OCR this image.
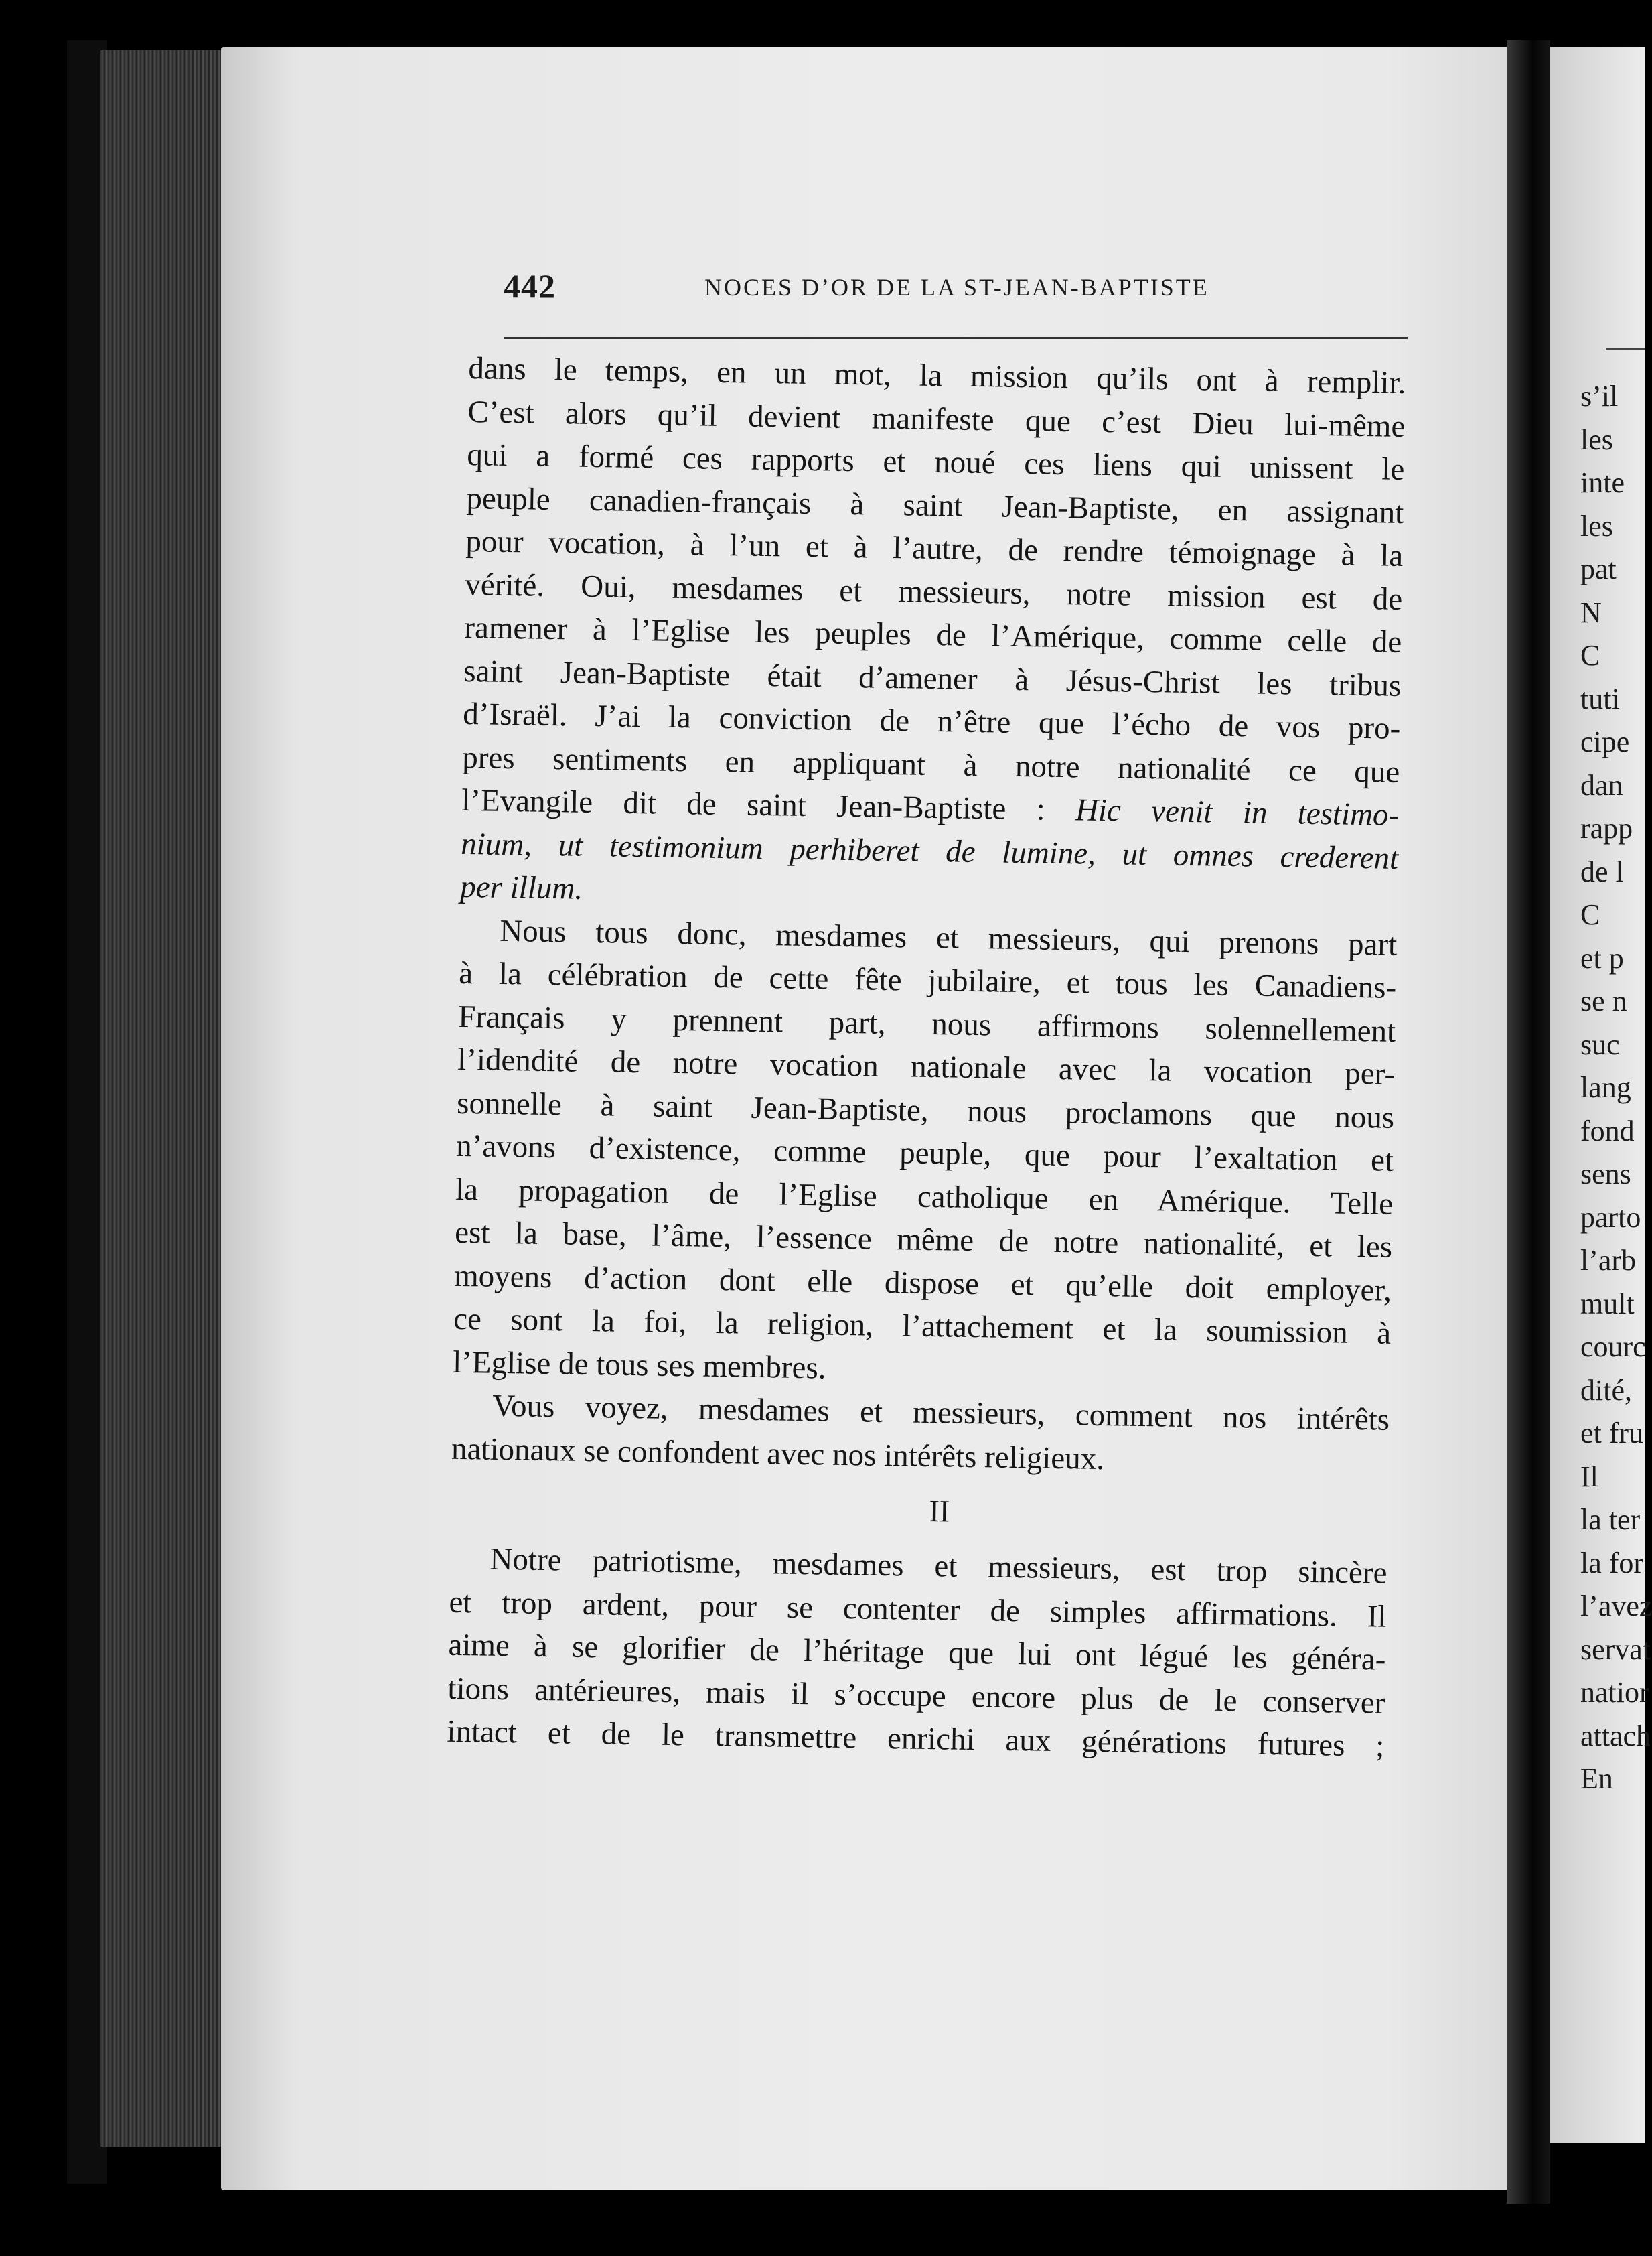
442	NOCES D’OR DE LA ST-JEAN-BAPTISTE
dans le temps, en un mot, la mission qu’ils ont à remplir.
C’est alors qu’il devient manifeste que c’est Dieu lui-même
qui a formé ces rapports et noué ces liens qui unissent le
peuple canadien-français à saint Jean-Baptiste, en assignant
pour vocation, à l’un et à l’autre, de rendre témoignage à la
vérité. Oui, mesdames et messieurs, notre mission est de
ramener à l’Eglise les peuples de l’Amérique, comme celle de
saint Jean-Baptiste était d’amener à Jésus-Christ les tribus
d’Israël. J’ai la conviction de n’être que l’écho de vos pro-
pres sentiments en appliquant à notre nationalité ce que
l’Evangile dit de saint Jean-Baptiste : Hic venit in testimo-
nium, ut testimonium perhiberet de lumine, ut omnes crederent
per illum.
Nous tous donc, mesdames et messieurs, qui prenons part
à la célébration de cette fête jubilaire, et tous les Canadiens-
Français y prennent part, nous affirmons solennellement
l’idendité de notre vocation nationale avec la vocation per-
sonnelle à saint Jean-Baptiste, nous proclamons que nous
n’avons d’existence, comme peuple, que pour l’exaltation et
la propagation de l’Eglise catholique en Amérique. Telle
est la base, l’âme, l’essence même de notre nationalité, et les
moyens d’action dont elle dispose et qu’elle doit employer,
ce sont la foi, la religion, l’attachement et la soumission à
l’Eglise de tous ses membres.
Vous voyez, mesdames et messieurs, comment nos intérêts
nationaux se confondent avec nos intérêts religieux.
II
Notre patriotisme, mesdames et messieurs, est trop sincère
et trop ardent, pour se contenter de simples affirmations. Il
aime à se glorifier de l’héritage que lui ont légué les généra-
tions antérieures, mais il s’occupe encore plus de le conserver
intact et de le transmettre enrichi aux générations futures ;
s’il
les
inte
les
pat
N
C
tuti
cipe
dan
rapp
de l
C
et p
se n
suc
lang
fond
sens
parto
l’arb
mult
courc
dité,
et fru
Il
la ter
la for
l’avez
servat
natior
attach
En
